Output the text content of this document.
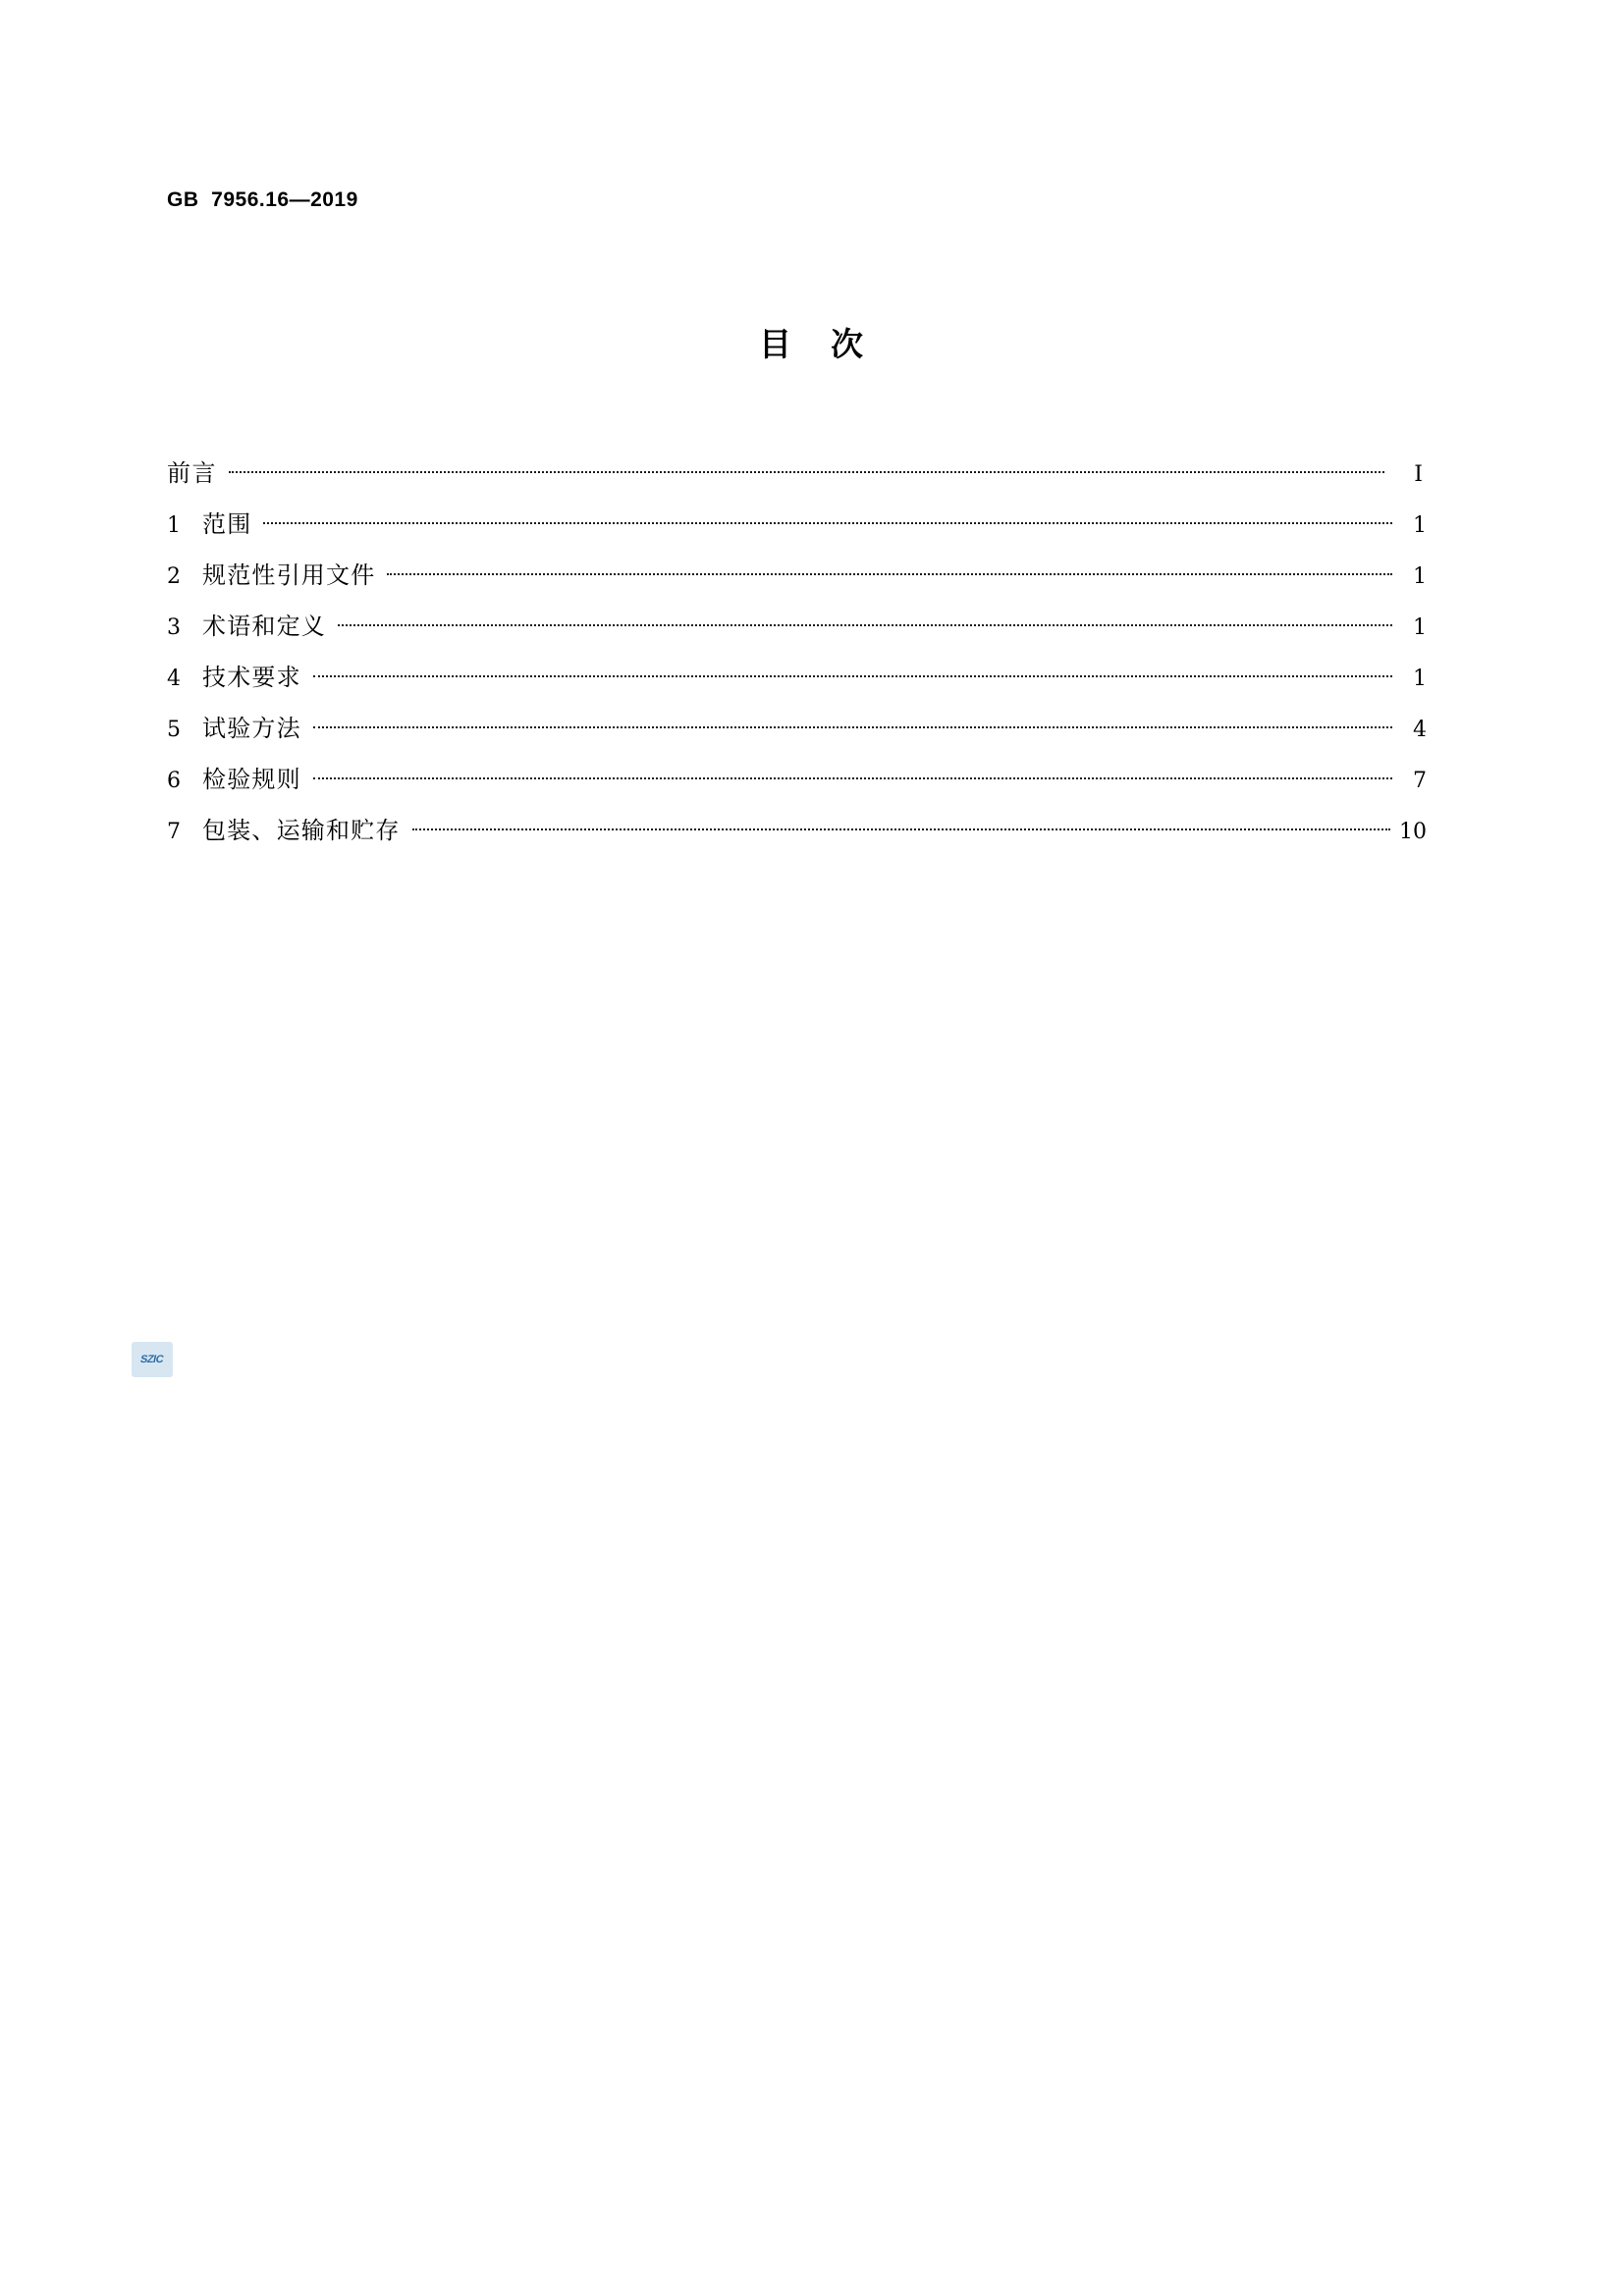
GB  7956.16—2019
目 次
前言	Ⅰ
1 范围	1
2 规范性引用文件	1
3 术语和定义	1
4 技术要求	1
5 试验方法	4
6 检验规则	7
7 包装、运输和贮存	10
SZIC
